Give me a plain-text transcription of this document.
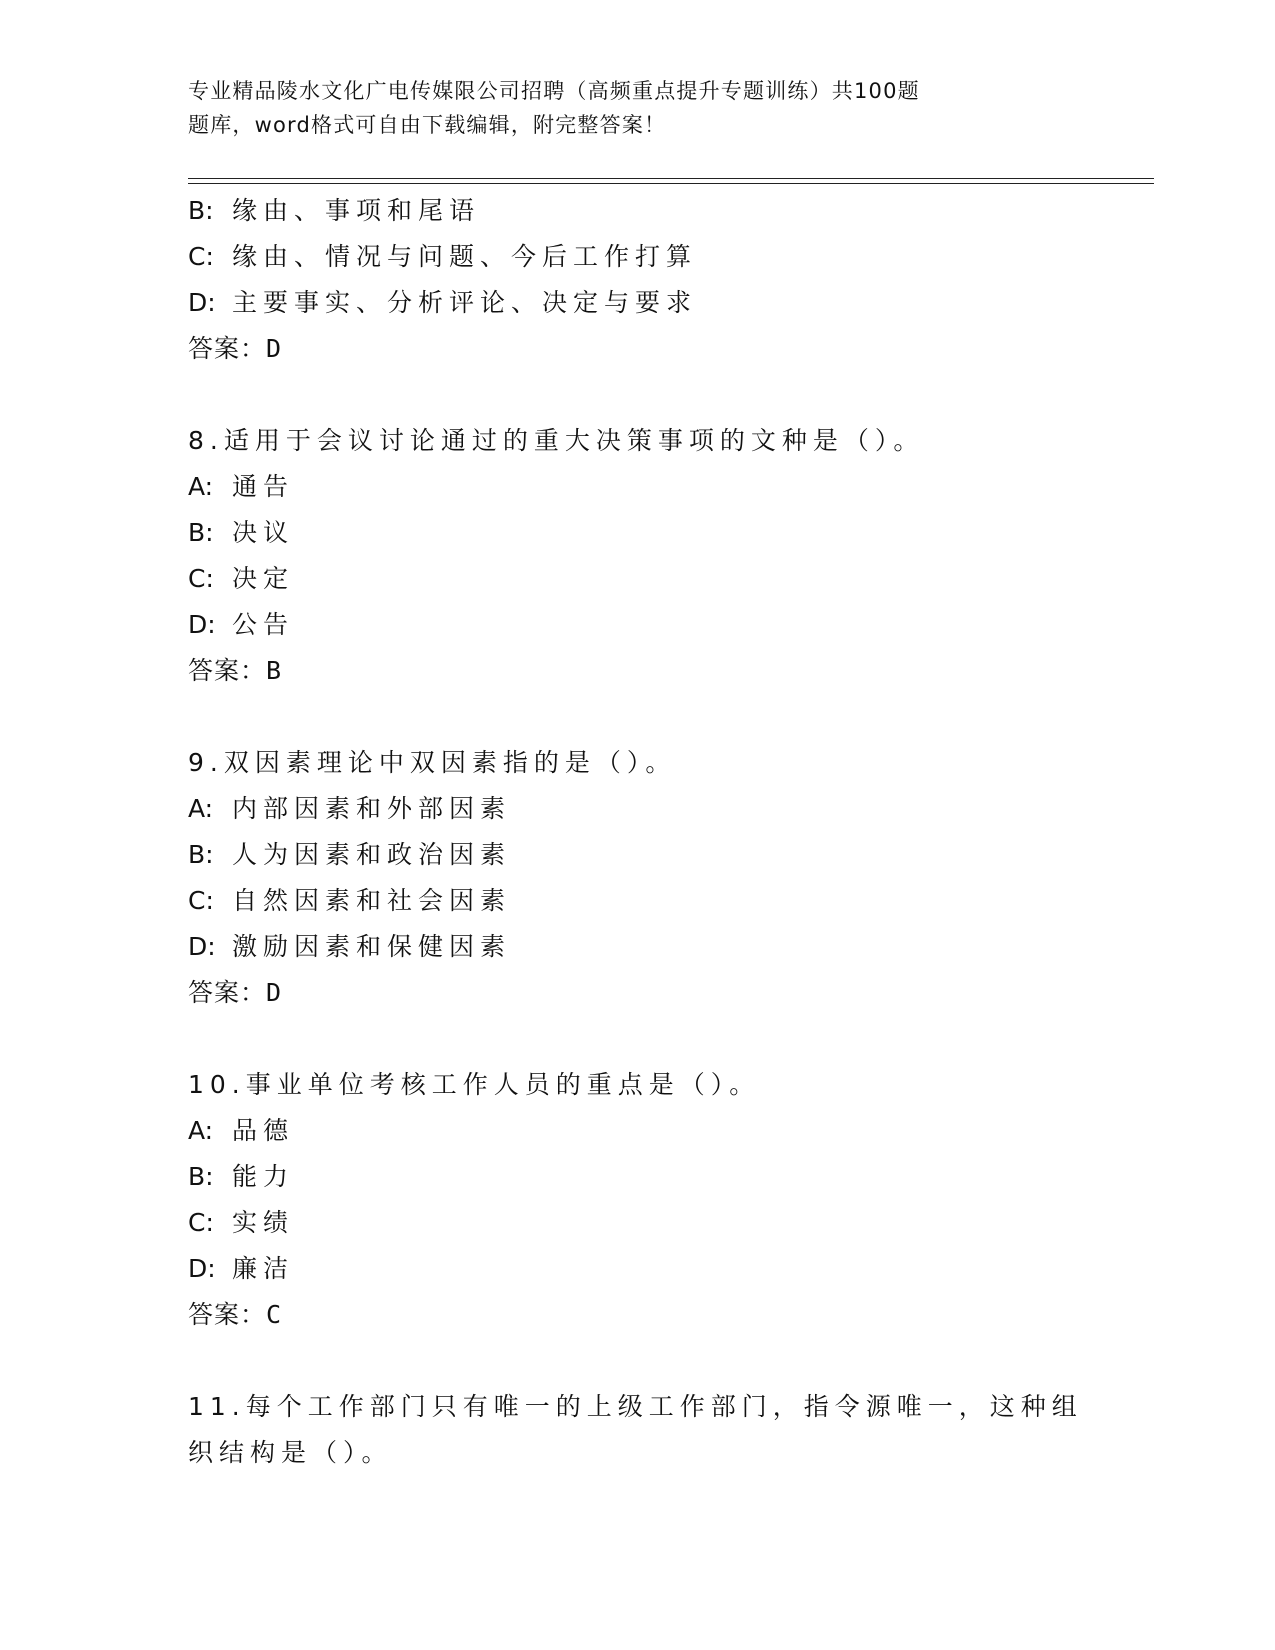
专业精品陵水文化广电传媒限公司招聘（高频重点提升专题训练）共100题
题库，word格式可自由下载编辑，附完整答案！
B: 缘由、事项和尾语
C: 缘由、情况与问题、今后工作打算
D: 主要事实、分析评论、决定与要求
答案：D
8.适用于会议讨论通过的重大决策事项的文种是（）。
A: 通告
B: 决议
C: 决定
D: 公告
答案：B
9.双因素理论中双因素指的是（）。
A: 内部因素和外部因素
B: 人为因素和政治因素
C: 自然因素和社会因素
D: 激励因素和保健因素
答案：D
10.事业单位考核工作人员的重点是（）。
A: 品德
B: 能力
C: 实绩
D: 廉洁
答案：C
11.每个工作部门只有唯一的上级工作部门，指令源唯一，这种组织结构是（）。
